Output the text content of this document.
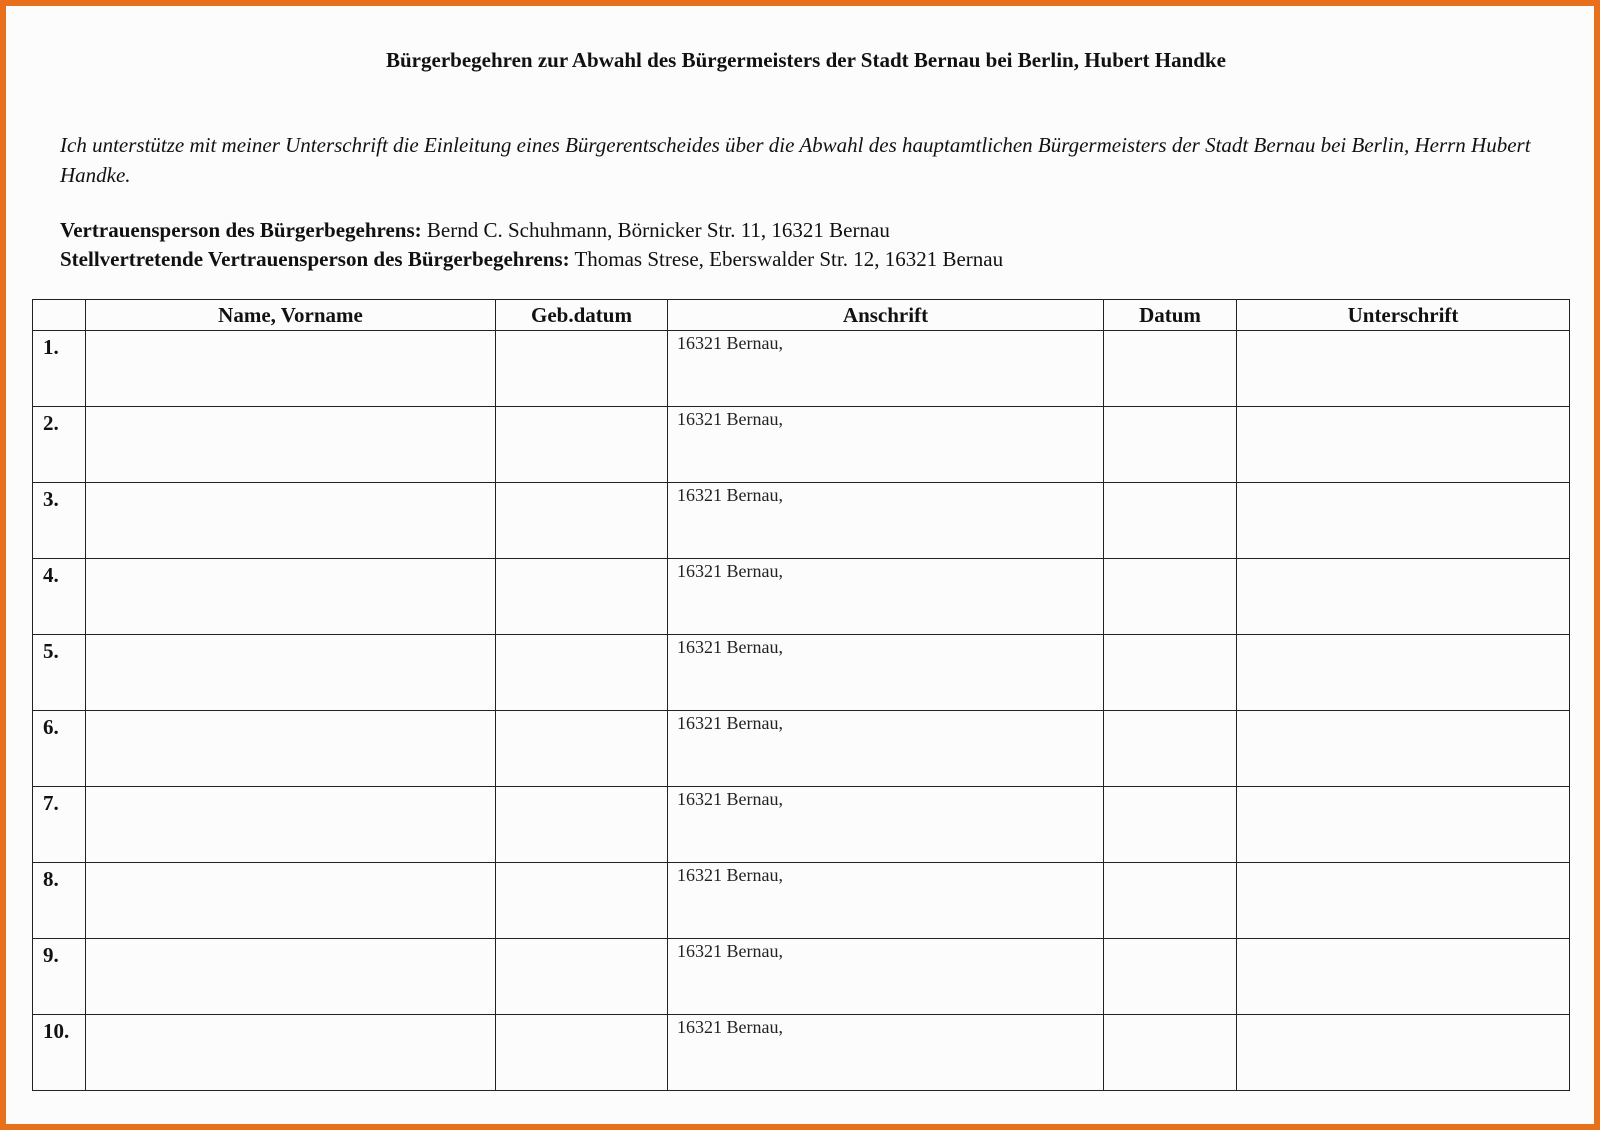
Bürgerbegehren zur Abwahl des Bürgermeisters der Stadt Bernau bei Berlin, Hubert Handke
Ich unterstütze mit meiner Unterschrift die Einleitung eines Bürgerentscheides über die Abwahl des hauptamtlichen Bürgermeisters der Stadt Bernau bei Berlin, Herrn Hubert Handke.
Vertrauensperson des Bürgerbegehrens: Bernd C. Schuhmann, Börnicker Str. 11, 16321 Bernau
Stellvertretende Vertrauensperson des Bürgerbegehrens: Thomas Strese, Eberswalder Str. 12, 16321 Bernau
	Name, Vorname	Geb.datum	Anschrift	Datum	Unterschrift
1.			16321 Bernau,		
2.			16321 Bernau,		
3.			16321 Bernau,		
4.			16321 Bernau,		
5.			16321 Bernau,		
6.			16321 Bernau,		
7.			16321 Bernau,		
8.			16321 Bernau,		
9.			16321 Bernau,		
10.			16321 Bernau,		
